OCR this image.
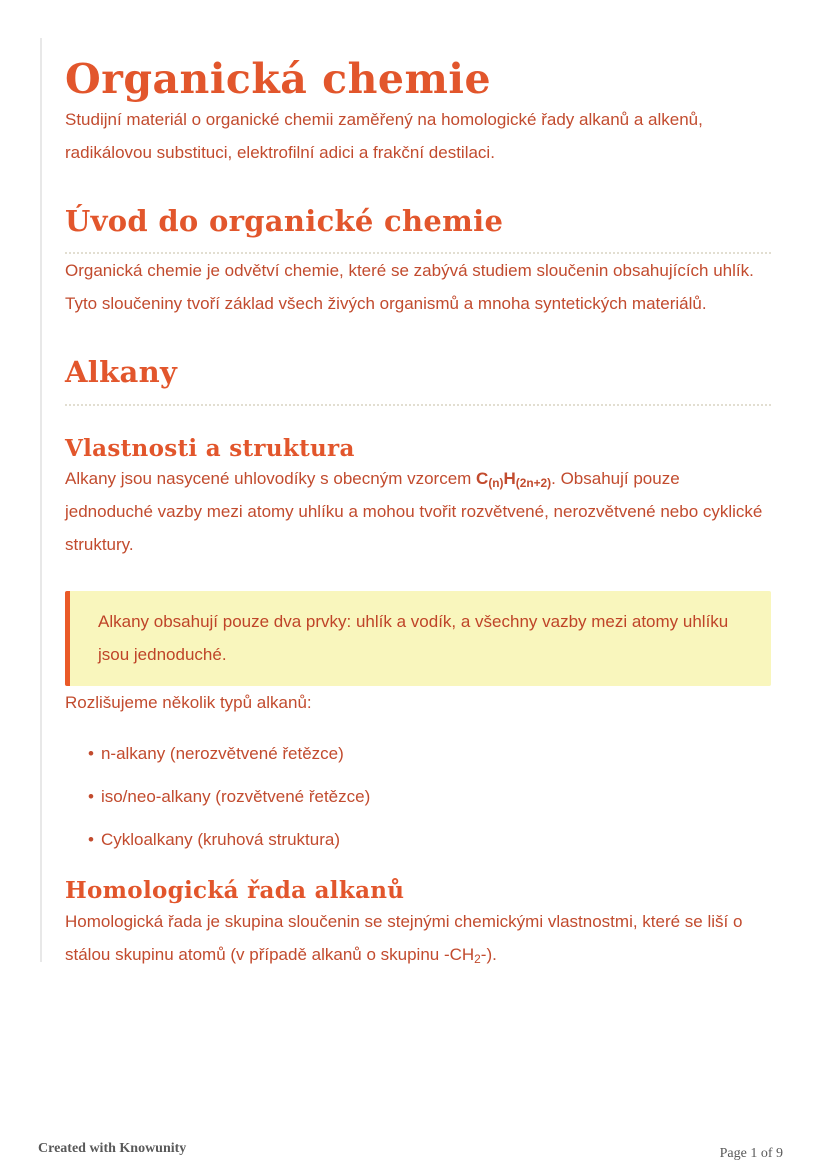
Organická chemie

Studijní materiál o organické chemii zaměřený na homologické řady alkanů a alkenů, radikálovou substituci, elektrofilní adici a frakční destilaci.

Úvod do organické chemie

Organická chemie je odvětví chemie, které se zabývá studiem sloučenin obsahujících uhlík. Tyto sloučeniny tvoří základ všech živých organismů a mnoha syntetických materiálů.

Alkany
Vlastnosti a struktura

Alkany jsou nasycené uhlovodíky s obecným vzorcem $C_{(n)}H_{(2n+2)}$. Obsahují pouze jednoduché vazby mezi atomy uhlíku a mohou tvořit rozvětvené, nerozvětvené nebo cyklické struktury.

Alkany obsahují pouze dva prvky: uhlík a vodík, a všechny vazby mezi atomy uhlíku jsou jednoduché.

Rozlišujeme několik typů alkanů:

• n-alkany (nerozvětvené řetězce)
• iso/neo-alkany (rozvětvené řetězce)
• Cykloalkany (kruhová struktura)
Homologická řada alkanů

Homologická řada je skupina sloučenin se stejnými chemickými vlastnostmi, které se liší o stálou skupinu atomů (v případě alkanů o skupinu $-CH_2-$).

Created with Knowunity	Page 1 of 9
